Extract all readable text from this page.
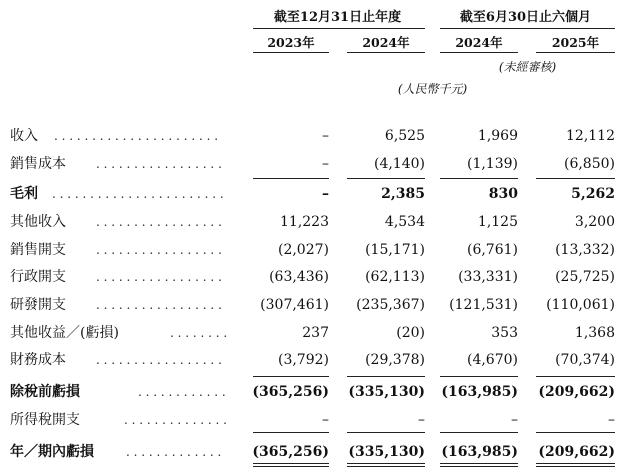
截至12月31日止年度	截至6月30日止六個月
2023年	2024年	2024年	2025年
(未經審核)
(人民幣千元)
收入 . . . . . . . . . . . . . . . . . . . . . .	–	6,525	1,969	12,112
銷售成本	. . . . . . . . . . . . . . . . .	–	(4,140)	(1,139)	(6,850)
毛利 . . . . . . . . . . . . . . . . . . . . . . .	–	2,385	830	5,262
其他收入	. . . . . . . . . . . . . . . . .	11,223	4,534	1,125	3,200
銷售開支	. . . . . . . . . . . . . . . . .	(2,027)	(15,171)	(6,761)	(13,332)
行政開支	. . . . . . . . . . . . . . . . .	(63,436)	(62,113)	(33,331)	(25,725)
研發開支	. . . . . . . . . . . . . . . . .	(307,461)	(235,367)	(121,531)	(110,061)
其他收益／(虧損)	. . . . . . . .	237	(20)	353	1,368
財務成本	. . . . . . . . . . . . . . . . .	(3,792)	(29,378)	(4,670)	(70,374)
除稅前虧損	. . . . . . . . . . . .	(365,256)	(335,130)	(163,985)	(209,662)
所得稅開支	. . . . . . . . . . . . . .	–	–	–	–
年／期內虧損	. . . . . . . . . . . . .	(365,256)	(335,130)	(163,985)	(209,662)
